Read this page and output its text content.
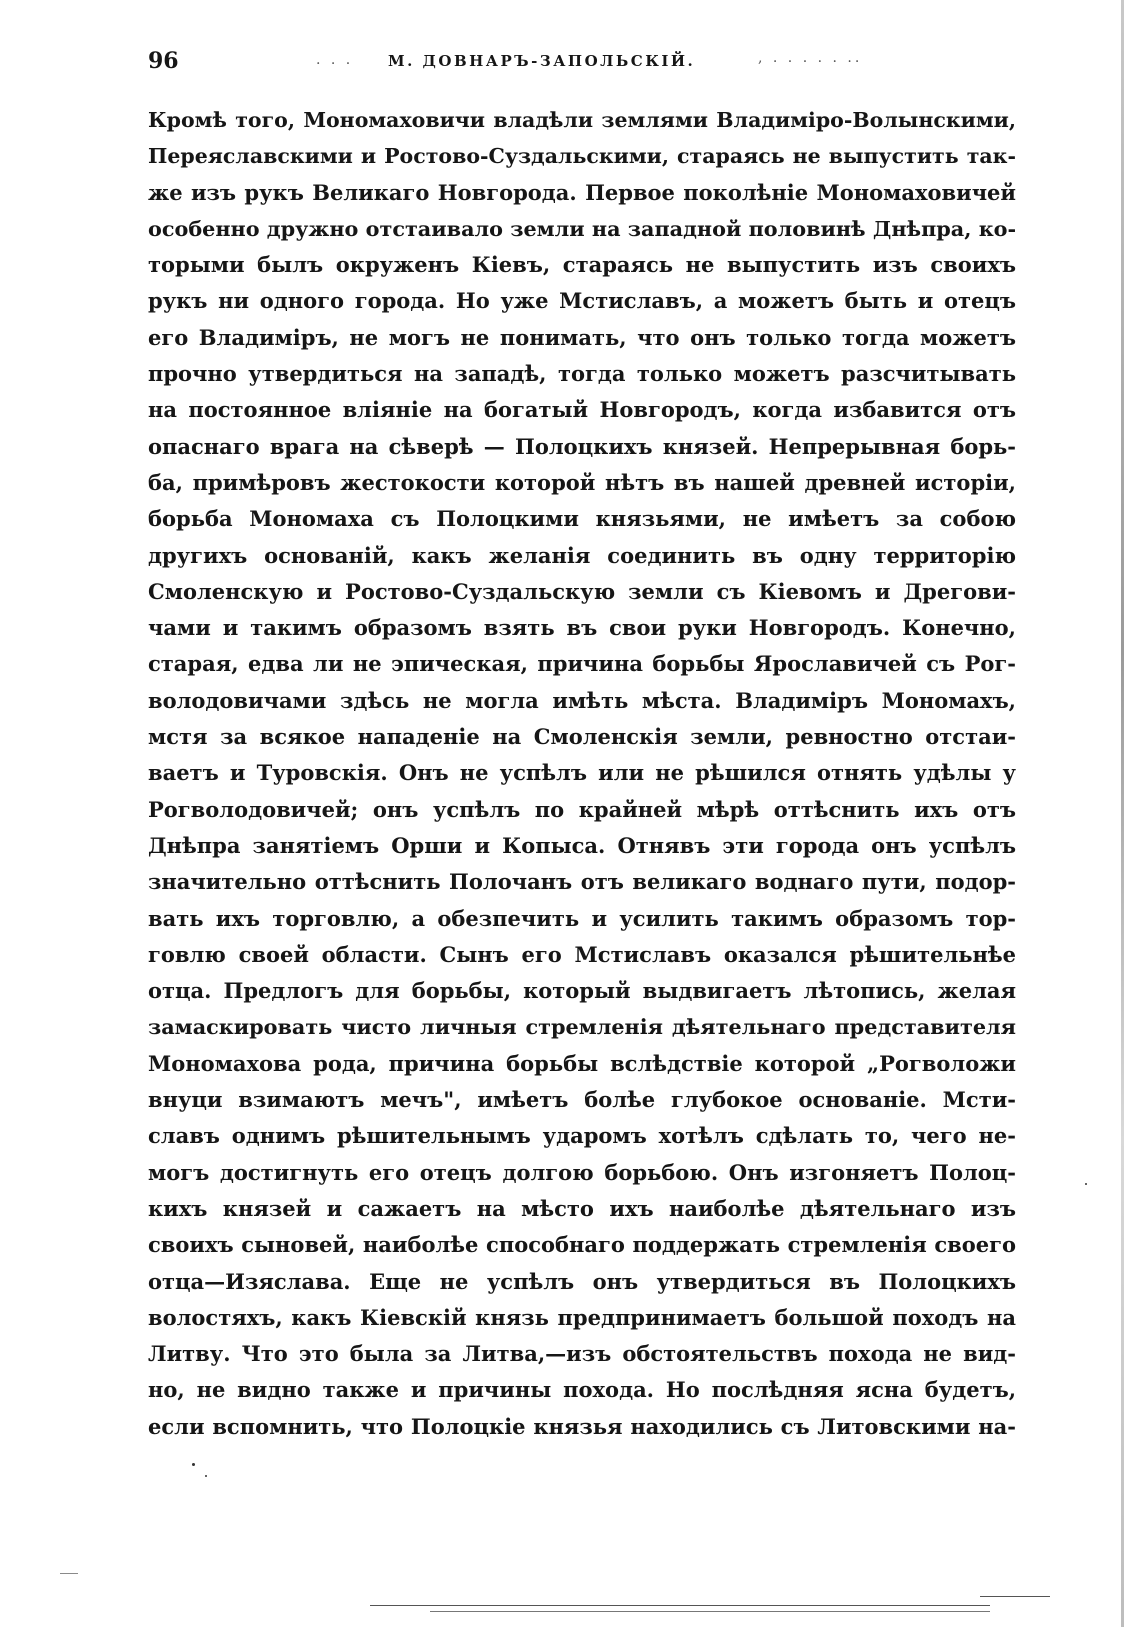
96	. . . М. ДОВНАРЪ-ЗАПОЛЬСКІЙ.	, . . . . . ..
Кромѣ того, Мономаховичи владѣли землями Владиміро-Волынскими,
Переяславскими и Ростово-Суздальскими, стараясь не выпустить так-
же изъ рукъ Великаго Новгорода. Первое поколѣніе Мономаховичей
особенно дружно отстаивало земли на западной половинѣ Днѣпра, ко-
торыми былъ окруженъ Кіевъ, стараясь не выпустить изъ своихъ
рукъ ни одного города. Но уже Мстиславъ, а можетъ быть и отецъ
его Владиміръ, не могъ не понимать, что онъ только тогда можетъ
прочно утвердиться на западѣ, тогда только можетъ разсчитывать
на постоянное вліяніе на богатый Новгородъ, когда избавится отъ
опаснаго врага на сѣверѣ — Полоцкихъ князей. Непрерывная борь-
ба, примѣровъ жестокости которой нѣтъ въ нашей древней исторіи,
борьба Мономаха съ Полоцкими князьями, не имѣетъ за собою
другихъ основаній, какъ желанія соединить въ одну территорію
Смоленскую и Ростово-Суздальскую земли съ Кіевомъ и Дрегови-
чами и такимъ образомъ взять въ свои руки Новгородъ. Конечно,
старая, едва ли не эпическая, причина борьбы Ярославичей съ Рог-
володовичами здѣсь не могла имѣть мѣста. Владиміръ Мономахъ,
мстя за всякое нападеніе на Смоленскія земли, ревностно отстаи-
ваетъ и Туровскія. Онъ не успѣлъ или не рѣшился отнять удѣлы у
Рогволодовичей; онъ успѣлъ по крайней мѣрѣ оттѣснить ихъ отъ
Днѣпра занятіемъ Орши и Копыса. Отнявъ эти города онъ успѣлъ
значительно оттѣснить Полочанъ отъ великаго воднаго пути, подор-
вать ихъ торговлю, а обезпечить и усилить такимъ образомъ тор-
говлю своей области. Сынъ его Мстиславъ оказался рѣшительнѣе
отца. Предлогъ для борьбы, который выдвигаетъ лѣтопись, желая
замаскировать чисто личныя стремленія дѣятельнаго представителя
Мономахова рода, причина борьбы вслѣдствіе которой „Рогволожи
внуци взимаютъ мечъ", имѣетъ болѣе глубокое основаніе. Мсти-
славъ однимъ рѣшительнымъ ударомъ хотѣлъ сдѣлать то, чего не-
могъ достигнуть его отецъ долгою борьбою. Онъ изгоняетъ Полоц-
кихъ князей и сажаетъ на мѣсто ихъ наиболѣе дѣятельнаго изъ
своихъ сыновей, наиболѣе способнаго поддержать стремленія своего
отца—Изяслава. Еще не успѣлъ онъ утвердиться въ Полоцкихъ
волостяхъ, какъ Кіевскій князь предпринимаетъ большой походъ на
Литву. Что это была за Литва,—изъ обстоятельствъ похода не вид-
но, не видно также и причины похода. Но послѣдняя ясна будетъ,
если вспомнить, что Полоцкіе князья находились съ Литовскими на-
